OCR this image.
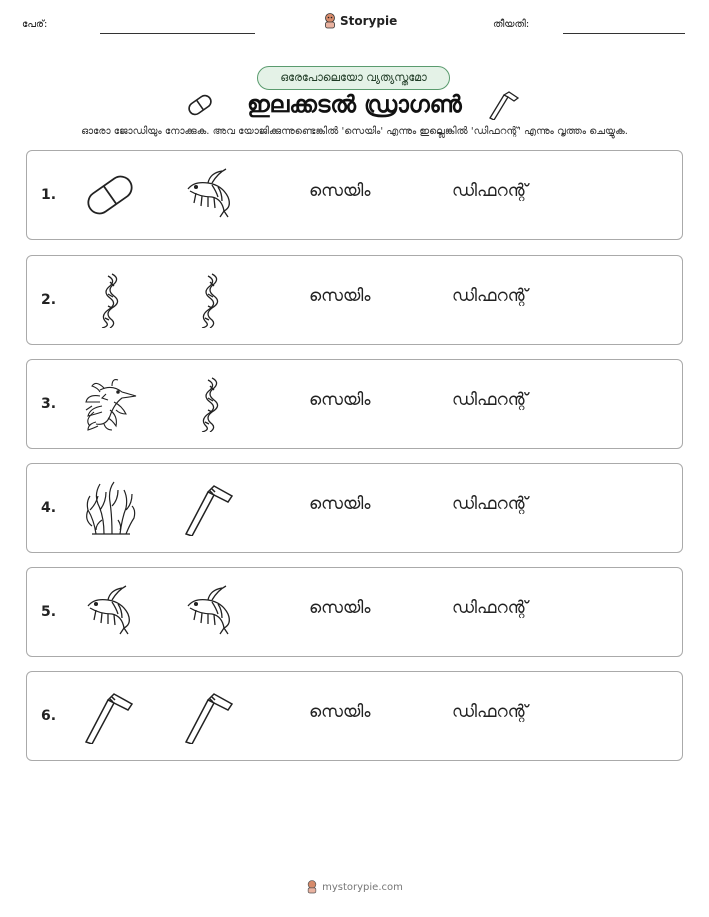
പേര്:	Storypie	തീയതി:
ഒരേപോലെയോ വ്യത്യസ്തമോ
ഇലക്കടൽ ഡ്രാഗൺ
ഓരോ ജോഡിയും നോക്കുക. അവ യോജിക്കുന്നുണ്ടെങ്കിൽ 'സെയിം' എന്നും ഇല്ലെങ്കിൽ 'ഡിഫറന്റ്' എന്നും വൃത്തം ചെയ്യുക.
1.	സെയിം	ഡിഫറന്റ്
2.	സെയിം	ഡിഫറന്റ്
3.	സെയിം	ഡിഫറന്റ്
4.	സെയിം	ഡിഫറന്റ്
5.	സെയിം	ഡിഫറന്റ്
6.	സെയിം	ഡിഫറന്റ്
mystorypie.com
